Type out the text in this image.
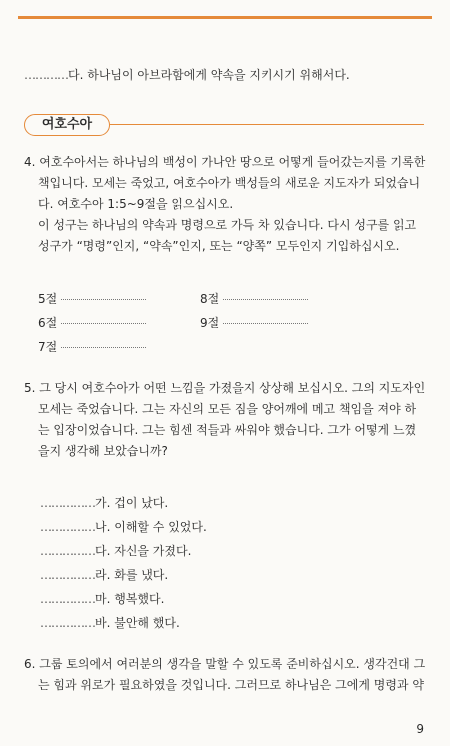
…………다. 하나님이 아브라함에게 약속을 지키시기 위해서다.
여호수아
4. 여호수아서는 하나님의 백성이 가나안 땅으로 어떻게 들어갔는지를 기록한
책입니다. 모세는 죽었고, 여호수아가 백성들의 새로운 지도자가 되었습니
다. 여호수아 1:5~9절을 읽으십시오.
이 성구는 하나님의 약속과 명령으로 가득 차 있습니다. 다시 성구를 읽고
성구가 “명령”인지, “약속”인지, 또는 “양쪽” 모두인지 기입하십시오.
5절	8절
6절	9절
7절
5. 그 당시 여호수아가 어떤 느낌을 가졌을지 상상해 보십시오. 그의 지도자인
모세는 죽었습니다. 그는 자신의 모든 짐을 양어깨에 메고 책임을 져야 하
는 입장이었습니다. 그는 힘센 적들과 싸워야 했습니다. 그가 어떻게 느꼈
을지 생각해 보았습니까?
……………가. 겁이 났다.
……………나. 이해할 수 있었다.
……………다. 자신을 가졌다.
……………라. 화를 냈다.
……………마. 행복했다.
……………바. 불안해 했다.
6. 그룹 토의에서 여러분의 생각을 말할 수 있도록 준비하십시오. 생각건대 그
는 힘과 위로가 필요하였을 것입니다. 그러므로 하나님은 그에게 명령과 약
9
